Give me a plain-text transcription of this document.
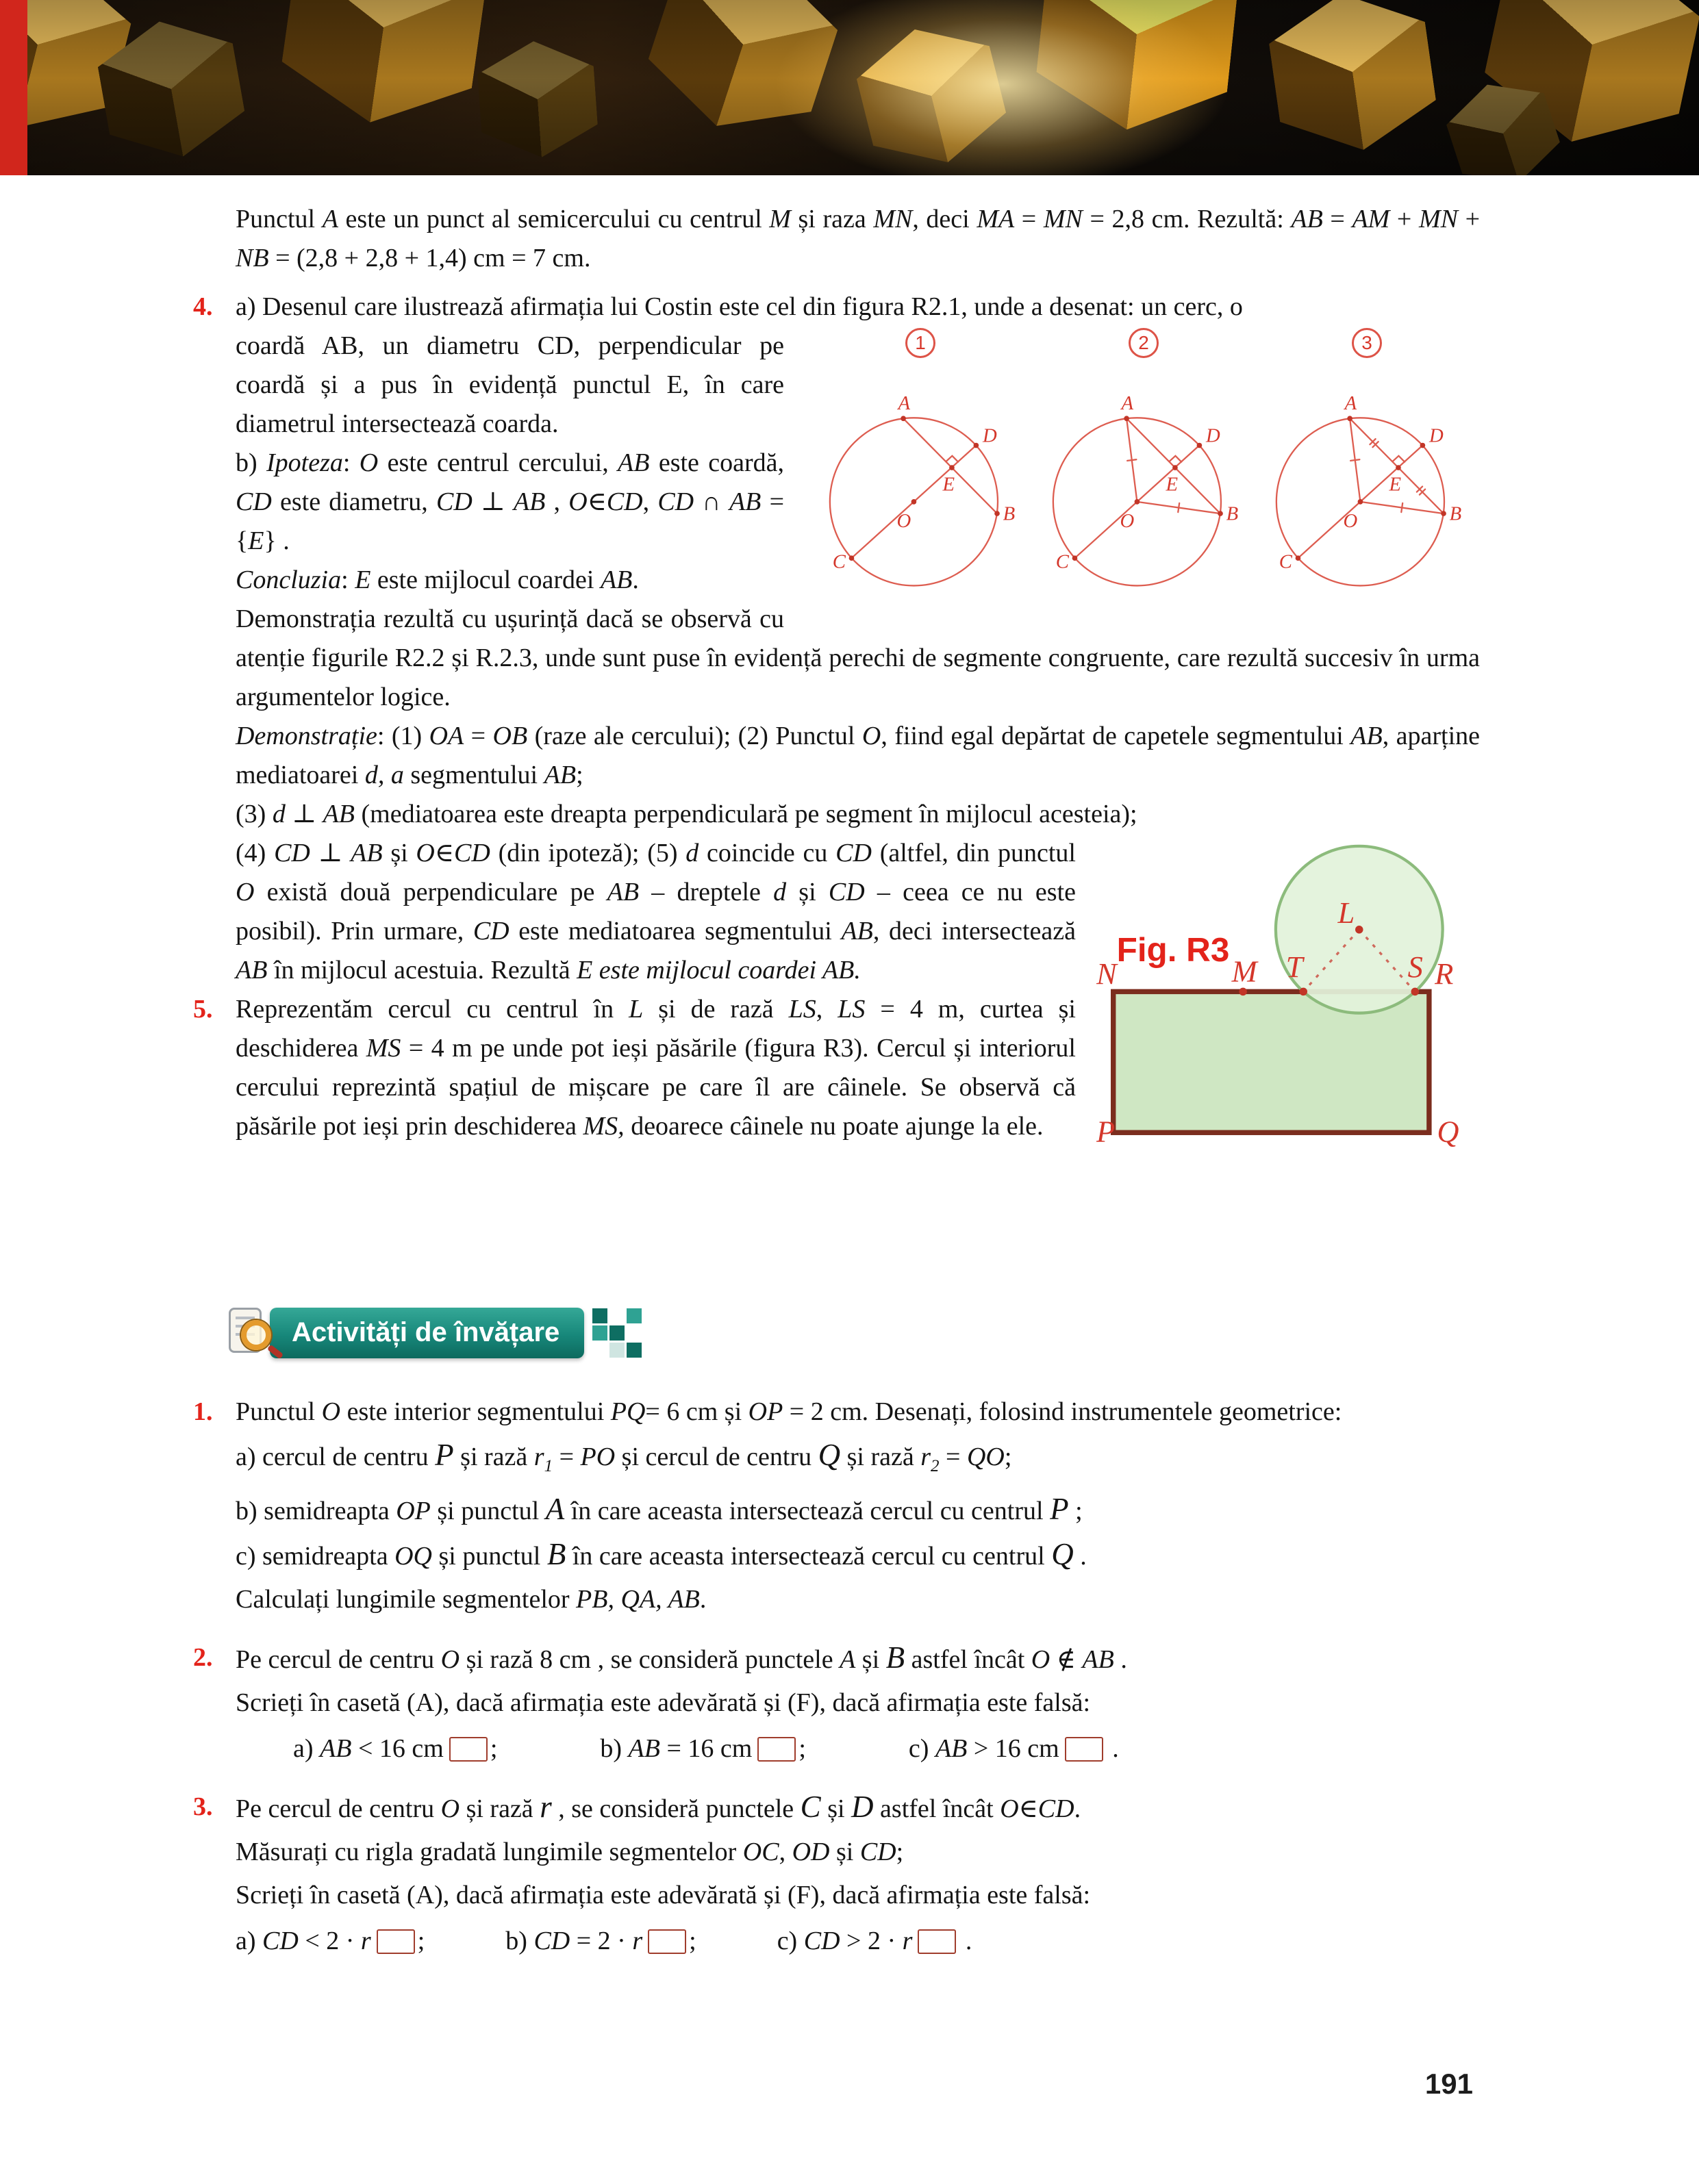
Punctul A este un punct al semicercului cu centrul M și raza MN, deci MA = MN = 2,8 cm. Rezultă: AB = AM + MN + NB = (2,8 + 2,8 + 1,4) cm = 7 cm.
4. a) Desenul care ilustrează afirmația lui Costin este cel din figura R2.1, unde a desenat: un cerc, o
1
A
D
B
E
O
C
2
A
D
B
E
O
C
3
A
D
B
E
O
C
coardă AB, un diametru CD, perpendicular pe coardă și a pus în evidență punctul E, în care diametrul intersectează coarda.
b) Ipoteza: O este centrul cercului, AB este coardă, CD este diametru, CD ⊥ AB , O∈CD, CD ∩ AB = {E} .
Concluzia: E este mijlocul coardei AB.
Demonstrația rezultă cu ușurință dacă se observă cu atenție figurile R2.2 și R.2.3, unde sunt puse în evidență perechi de segmente congruente, care rezultă succesiv în urma argumentelor logice.
Demonstrație: (1) OA = OB (raze ale cercului); (2) Punctul O, fiind egal depărtat de capetele segmentului AB, aparține mediatoarei d, a segmentului AB;
(3) d ⊥ AB (mediatoarea este dreapta perpendiculară pe segment în mijlocul acesteia);
N	M T	S R
P	Q
L
Fig. R3
(4) CD ⊥ AB și O∈CD (din ipoteză); (5) d coincide cu CD (altfel, din punctul O există două perpendiculare pe AB – dreptele d și CD – ceea ce nu este posibil). Prin urmare, CD este mediatoarea segmentului AB, deci intersectează AB în mijlocul acestuia. Rezultă E este mijlocul coardei AB.
5. Reprezentăm cercul cu centrul în L și de rază LS, LS = 4 m, curtea și deschiderea MS = 4 m pe unde pot ieși păsările (figura R3). Cercul și interiorul cercului reprezintă spațiul de mișcare pe care îl are câinele. Se observă că păsările pot ieși prin deschiderea MS, deoarece câinele nu poate ajunge la ele.
Activități de învățare
1. Punctul O este interior segmentului PQ= 6 cm și OP = 2 cm. Desenați, folosind instrumentele geometrice:
a) cercul de centru P și rază $r_1$ = PO și cercul de centru Q și rază $r_2$ = QO;
b) semidreapta OP și punctul A în care aceasta intersectează cercul cu centrul P ;
c) semidreapta OQ și punctul B în care aceasta intersectează cercul cu centrul Q .
Calculați lungimile segmentelor PB, QA, AB.
2. Pe cercul de centru O și rază 8 cm , se consideră punctele A și B astfel încât O ∉ AB .
Scrieți în casetă (A), dacă afirmația este adevărată și (F), dacă afirmația este falsă:
a) AB < 16 cm ;	b) AB = 16 cm ;	c) AB > 16 cm .
3. Pe cercul de centru O și rază r , se consideră punctele C și D astfel încât O∈CD.
Măsurați cu rigla gradată lungimile segmentelor OC, OD și CD;
Scrieți în casetă (A), dacă afirmația este adevărată și (F), dacă afirmația este falsă:
a) CD < 2 · r ;	b) CD = 2 · r ;	c) CD > 2 · r .
191
